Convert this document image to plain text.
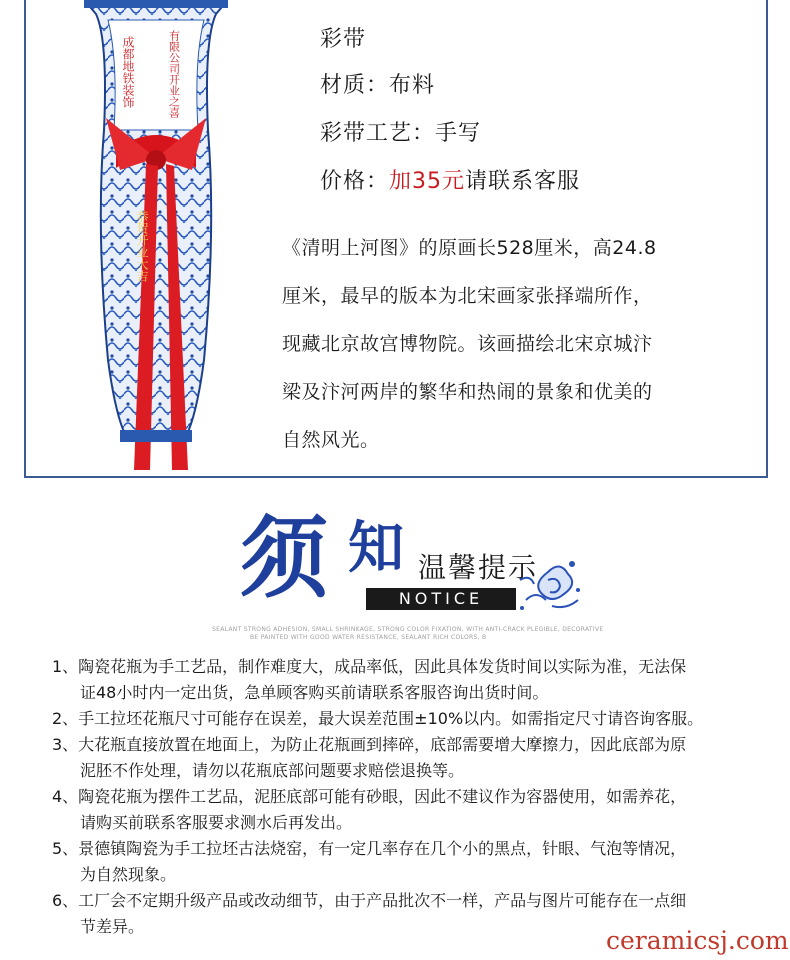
成都地铁装饰	有限公司开业之喜
恭贺开业大吉
彩带
材质：布料
彩带工艺：手写
价格：加35元请联系客服
《清明上河图》的原画长528厘米，高24.8
厘米，最早的版本为北宋画家张择端所作，
现藏北京故宫博物院。该画描绘北宋京城汴
梁及汴河两岸的繁华和热闹的景象和优美的
自然风光。
须 知 温馨提示
NOTICE
SEALANT STRONG ADHESION, SMALL SHRINKAGE, STRONG COLOR FIXATION, WITH ANTI-CRACK PLEGIBLE, DECORATIVE
BE PAINTED WITH GOOD WATER RESISTANCE, SEALANT RICH COLORS, B
1、陶瓷花瓶为手工艺品，制作难度大，成品率低，因此具体发货时间以实际为准，无法保
证48小时内一定出货，急单顾客购买前请联系客服咨询出货时间。
2、手工拉坯花瓶尺寸可能存在误差，最大误差范围±10%以内。如需指定尺寸请咨询客服。
3、大花瓶直接放置在地面上，为防止花瓶画到摔碎，底部需要增大摩擦力，因此底部为原
泥胚不作处理，请勿以花瓶底部问题要求赔偿退换等。
4、陶瓷花瓶为摆件工艺品，泥胚底部可能有砂眼，因此不建议作为容器使用，如需养花，
请购买前联系客服要求测水后再发出。
5、景德镇陶瓷为手工拉坯古法烧窑，有一定几率存在几个小的黑点，针眼、气泡等情况，
为自然现象。
6、工厂会不定期升级产品或改动细节，由于产品批次不一样，产品与图片可能存在一点细
节差异。	ceramicsj.com
